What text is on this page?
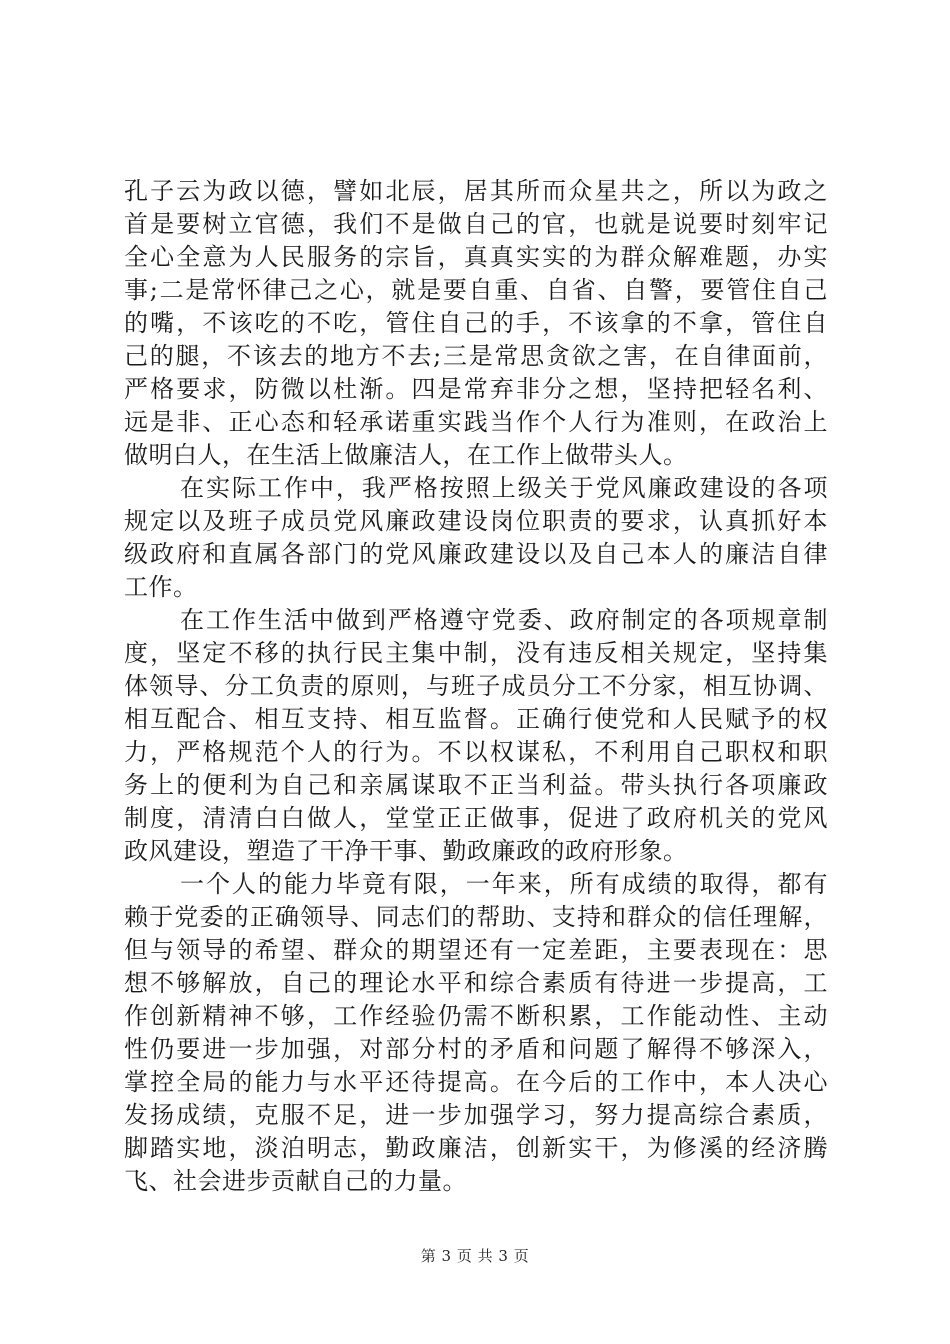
孔子云为政以德，譬如北辰，居其所而众星共之，所以为政之
首是要树立官德，我们不是做自己的官，也就是说要时刻牢记
全心全意为人民服务的宗旨，真真实实的为群众解难题，办实
事;二是常怀律己之心，就是要自重、自省、自警，要管住自己
的嘴，不该吃的不吃，管住自己的手，不该拿的不拿，管住自
己的腿，不该去的地方不去;三是常思贪欲之害，在自律面前，
严格要求，防微以杜渐。四是常弃非分之想，坚持把轻名利、
远是非、正心态和轻承诺重实践当作个人行为准则，在政治上
做明白人，在生活上做廉洁人，在工作上做带头人。
在实际工作中，我严格按照上级关于党风廉政建设的各项
规定以及班子成员党风廉政建设岗位职责的要求，认真抓好本
级政府和直属各部门的党风廉政建设以及自己本人的廉洁自律
工作。
在工作生活中做到严格遵守党委、政府制定的各项规章制
度，坚定不移的执行民主集中制，没有违反相关规定，坚持集
体领导、分工负责的原则，与班子成员分工不分家，相互协调、
相互配合、相互支持、相互监督。正确行使党和人民赋予的权
力，严格规范个人的行为。不以权谋私，不利用自己职权和职
务上的便利为自己和亲属谋取不正当利益。带头执行各项廉政
制度，清清白白做人，堂堂正正做事，促进了政府机关的党风
政风建设，塑造了干净干事、勤政廉政的政府形象。
一个人的能力毕竟有限，一年来，所有成绩的取得，都有
赖于党委的正确领导、同志们的帮助、支持和群众的信任理解，
但与领导的希望、群众的期望还有一定差距，主要表现在：思
想不够解放，自己的理论水平和综合素质有待进一步提高，工
作创新精神不够，工作经验仍需不断积累，工作能动性、主动
性仍要进一步加强，对部分村的矛盾和问题了解得不够深入，
掌控全局的能力与水平还待提高。在今后的工作中，本人决心
发扬成绩，克服不足，进一步加强学习，努力提高综合素质，
脚踏实地，淡泊明志，勤政廉洁，创新实干，为修溪的经济腾
飞、社会进步贡献自己的力量。
第 3 页 共 3 页
